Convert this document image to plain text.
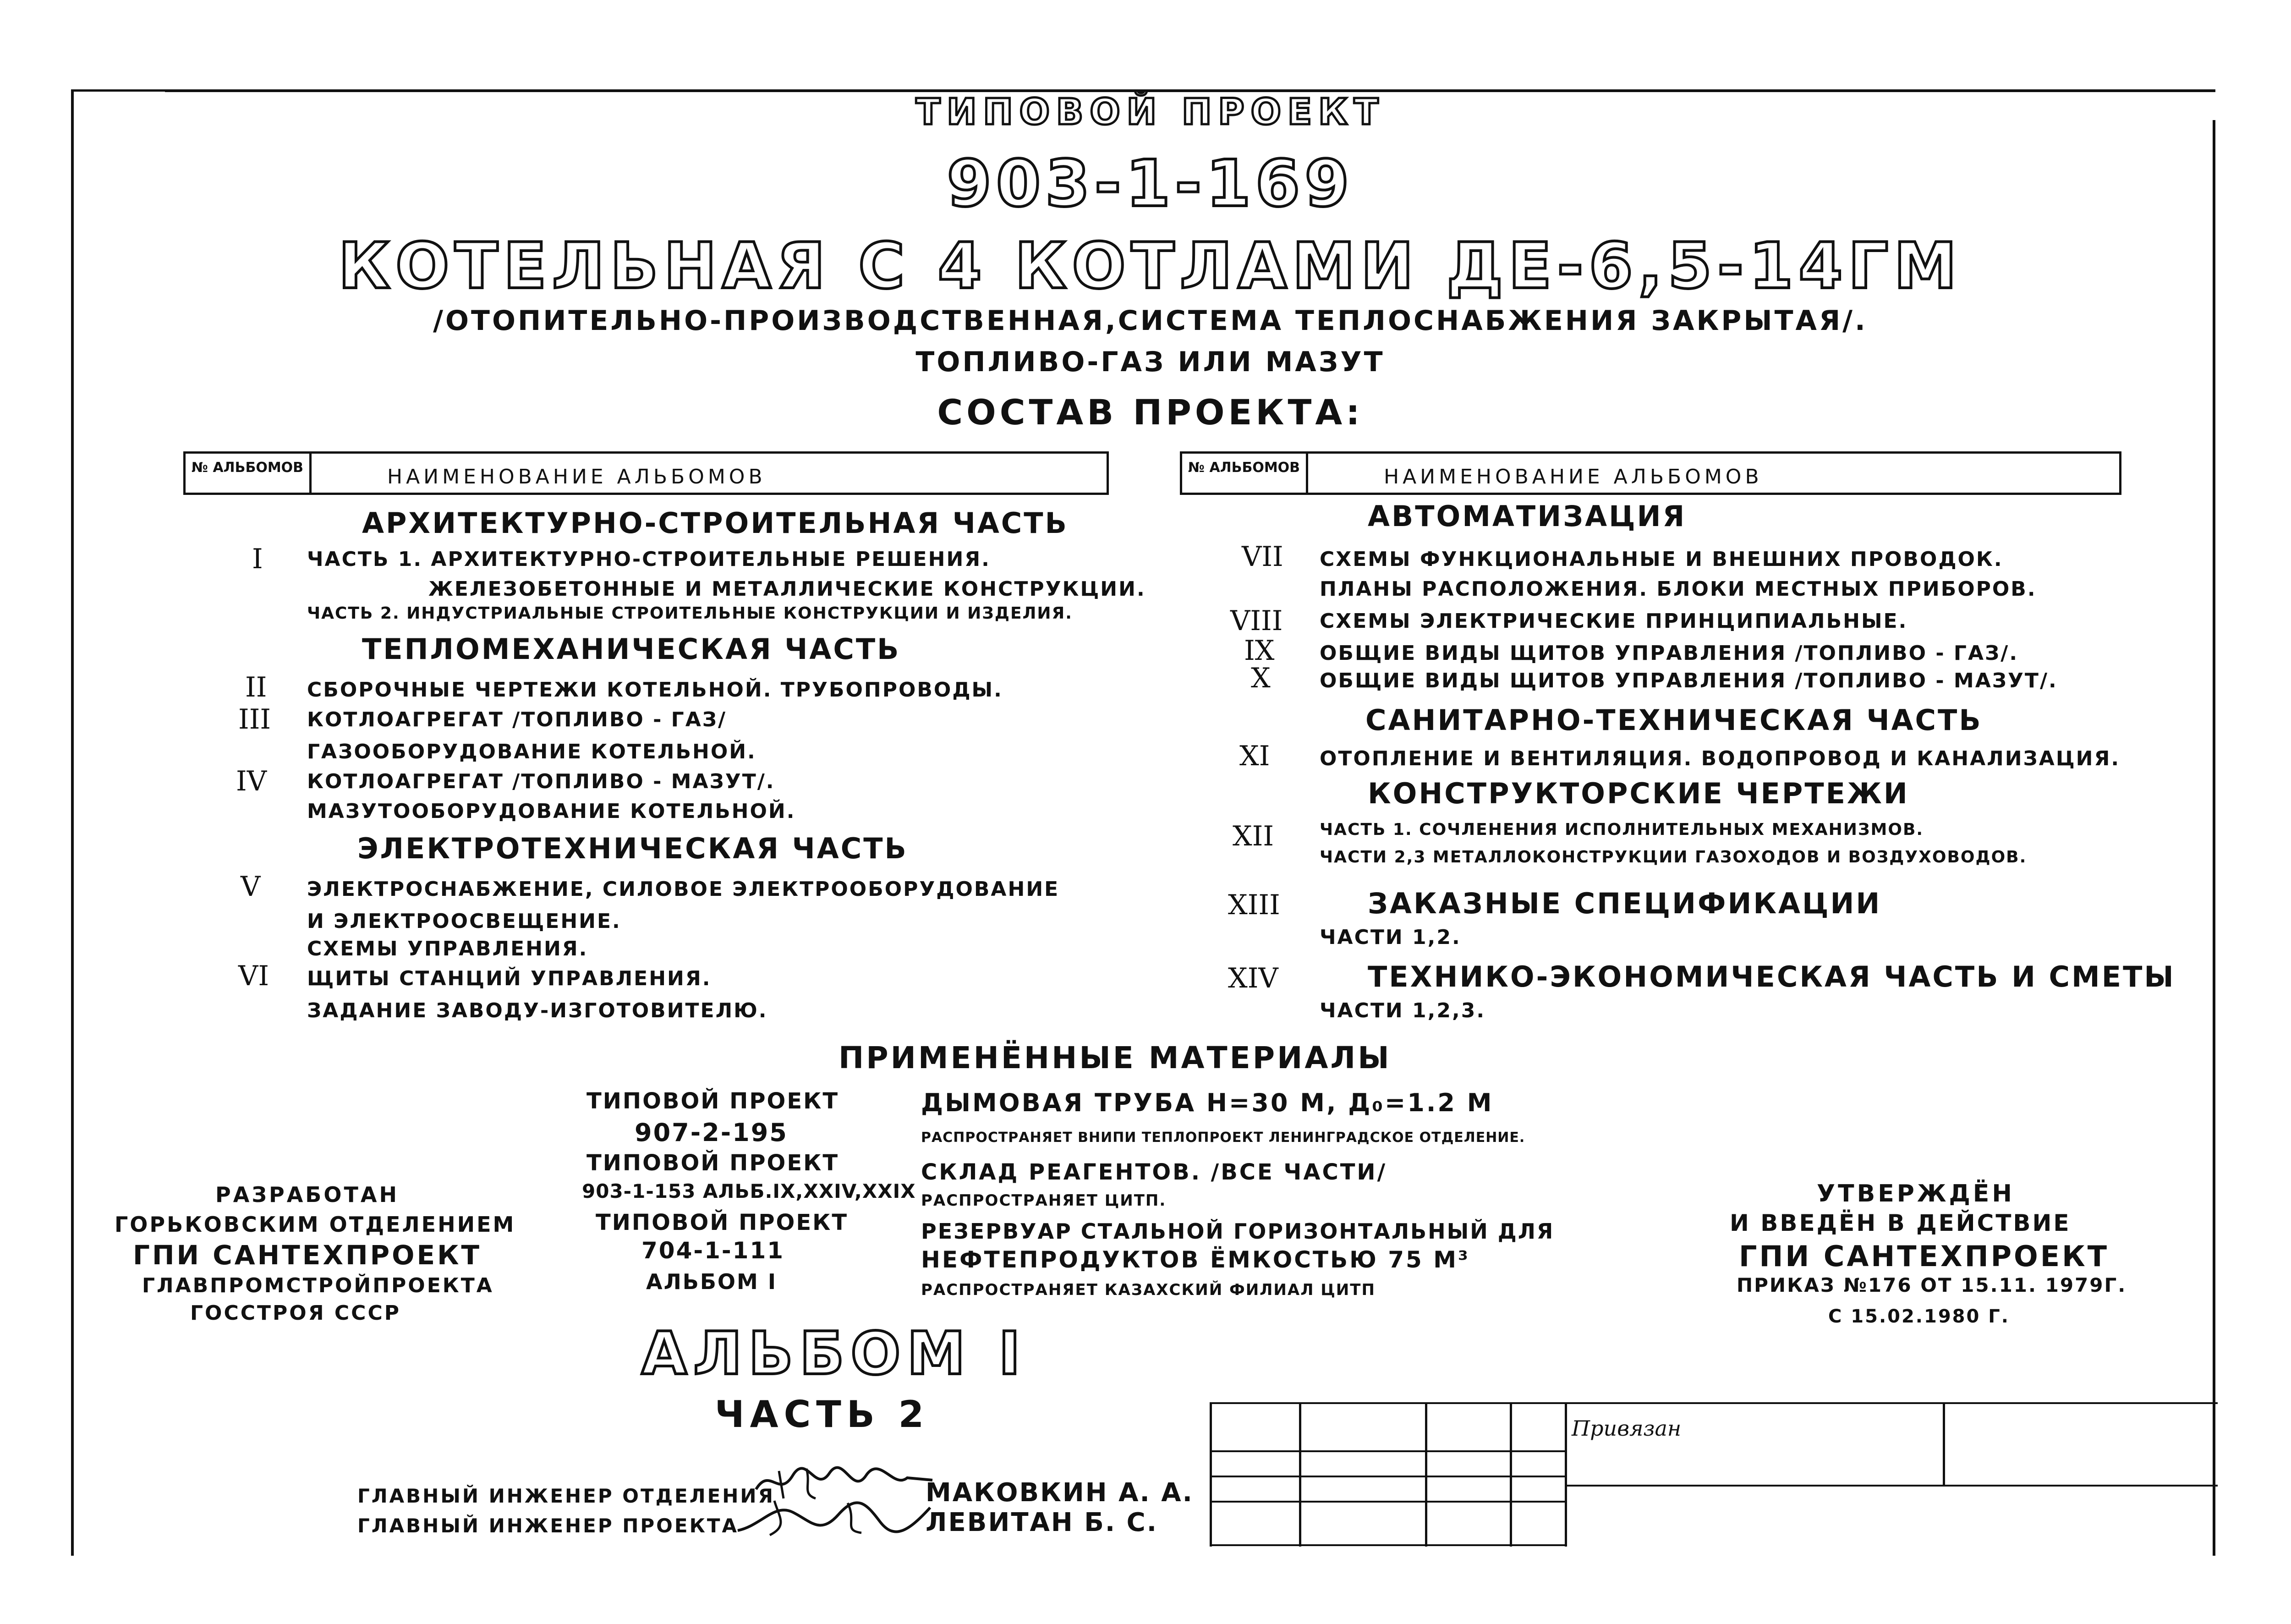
ТИПОВОЙ ПРОЕКТ
903-1-169
КОТЕЛЬНАЯ С 4 КОТЛАМИ ДЕ-6,5-14ГМ
/ОТОПИТЕЛЬНО-ПРОИЗВОДСТВЕННАЯ,СИСТЕМА ТЕПЛОСНАБЖЕНИЯ ЗАКРЫТАЯ/.
ТОПЛИВО-ГАЗ ИЛИ МАЗУТ
СОСТАВ ПРОЕКТА:
№ АЛЬБОМОВ	НАИМЕНОВАНИЕ АЛЬБОМОВ	№ АЛЬБОМОВ	НАИМЕНОВАНИЕ АЛЬБОМОВ
АРХИТЕКТУРНО-СТРОИТЕЛЬНАЯ ЧАСТЬ
I ЧАСТЬ 1. АРХИТЕКТУРНО-СТРОИТЕЛЬНЫЕ РЕШЕНИЯ.
ЖЕЛЕЗОБЕТОННЫЕ И МЕТАЛЛИЧЕСКИЕ КОНСТРУКЦИИ.
ЧАСТЬ 2. ИНДУСТРИАЛЬНЫЕ СТРОИТЕЛЬНЫЕ КОНСТРУКЦИИ И ИЗДЕЛИЯ.
ТЕПЛОМЕХАНИЧЕСКАЯ ЧАСТЬ
II СБОРОЧНЫЕ ЧЕРТЕЖИ КОТЕЛЬНОЙ. ТРУБОПРОВОДЫ.
III КОТЛОАГРЕГАТ /ТОПЛИВО - ГАЗ/
ГАЗООБОРУДОВАНИЕ КОТЕЛЬНОЙ.
IV КОТЛОАГРЕГАТ /ТОПЛИВО - МАЗУТ/.
МАЗУТООБОРУДОВАНИЕ КОТЕЛЬНОЙ.
ЭЛЕКТРОТЕХНИЧЕСКАЯ ЧАСТЬ
V ЭЛЕКТРОСНАБЖЕНИЕ, СИЛОВОЕ ЭЛЕКТРООБОРУДОВАНИЕ
И ЭЛЕКТРООСВЕЩЕНИЕ.
СХЕМЫ УПРАВЛЕНИЯ.
VI ЩИТЫ СТАНЦИЙ УПРАВЛЕНИЯ.
ЗАДАНИЕ ЗАВОДУ-ИЗГОТОВИТЕЛЮ.
АВТОМАТИЗАЦИЯ
VII СХЕМЫ ФУНКЦИОНАЛЬНЫЕ И ВНЕШНИХ ПРОВОДОК.
ПЛАНЫ РАСПОЛОЖЕНИЯ. БЛОКИ МЕСТНЫХ ПРИБОРОВ.
VIII СХЕМЫ ЭЛЕКТРИЧЕСКИЕ ПРИНЦИПИАЛЬНЫЕ.
IX ОБЩИЕ ВИДЫ ЩИТОВ УПРАВЛЕНИЯ /ТОПЛИВО - ГАЗ/.
X ОБЩИЕ ВИДЫ ЩИТОВ УПРАВЛЕНИЯ /ТОПЛИВО - МАЗУТ/.
САНИТАРНО-ТЕХНИЧЕСКАЯ ЧАСТЬ
XI ОТОПЛЕНИЕ И ВЕНТИЛЯЦИЯ. ВОДОПРОВОД И КАНАЛИЗАЦИЯ.
КОНСТРУКТОРСКИЕ ЧЕРТЕЖИ
XII	ЧАСТЬ 1. СОЧЛЕНЕНИЯ ИСПОЛНИТЕЛЬНЫХ МЕХАНИЗМОВ.
ЧАСТИ 2,3 МЕТАЛЛОКОНСТРУКЦИИ ГАЗОХОДОВ И ВОЗДУХОВОДОВ.
XIII	ЗАКАЗНЫЕ СПЕЦИФИКАЦИИ
ЧАСТИ 1,2.
XIV	ТЕХНИКО-ЭКОНОМИЧЕСКАЯ ЧАСТЬ И СМЕТЫ
ЧАСТИ 1,2,3.
ПРИМЕНЁННЫЕ МАТЕРИАЛЫ
ТИПОВОЙ ПРОЕКТ
907-2-195
ДЫМОВАЯ ТРУБА H=30 М, Д₀=1.2 М
РАСПРОСТРАНЯЕТ ВНИПИ ТЕПЛОПРОЕКТ ЛЕНИНГРАДСКОЕ ОТДЕЛЕНИЕ.
ТИПОВОЙ ПРОЕКТ
903-1-153 АЛЬБ.IX,XXIV,XXIX
СКЛАД РЕАГЕНТОВ. /ВСЕ ЧАСТИ/
РАСПРОСТРАНЯЕТ ЦИТП.
ТИПОВОЙ ПРОЕКТ
704-1-111
АЛЬБОМ I
РЕЗЕРВУАР СТАЛЬНОЙ ГОРИЗОНТАЛЬНЫЙ ДЛЯ
НЕФТЕПРОДУКТОВ ЁМКОСТЬЮ 75 М³
РАСПРОСТРАНЯЕТ КАЗАХСКИЙ ФИЛИАЛ ЦИТП
РАЗРАБОТАН
ГОРЬКОВСКИМ ОТДЕЛЕНИЕМ
ГПИ САНТЕХПРОЕКТ
ГЛАВПРОМСТРОЙПРОЕКТА
ГОССТРОЯ СССР
УТВЕРЖДЁН
И ВВЕДЁН В ДЕЙСТВИЕ
ГПИ САНТЕХПРОЕКТ
ПРИКАЗ №176 ОТ 15.11. 1979Г.
С 15.02.1980 Г.
АЛЬБОМ I
ЧАСТЬ 2
ГЛАВНЫЙ ИНЖЕНЕР ОТДЕЛЕНИЯ	МАКОВКИН А. А.
ГЛАВНЫЙ ИНЖЕНЕР ПРОЕКТА	ЛЕВИТАН Б. С.
Привязан
